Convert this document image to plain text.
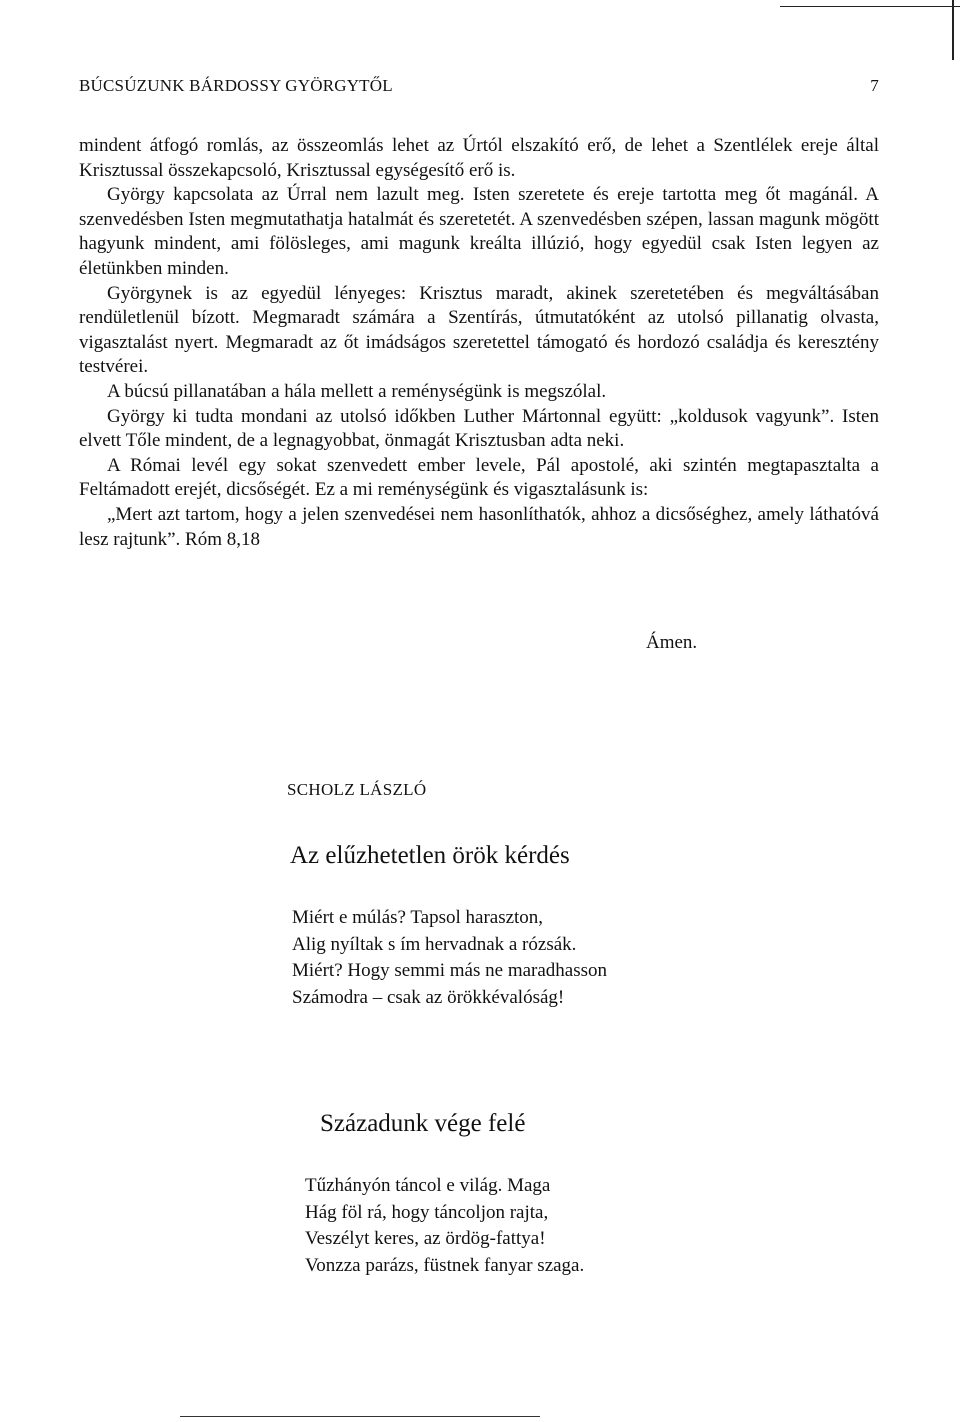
BÚCSÚZUNK BÁRDOSSY GYÖRGYTŐL	7

mindent átfogó romlás, az összeomlás lehet az Úrtól elszakító erő, de lehet a Szentlélek ereje által Krisztussal összekapcsoló, Krisztussal egységesítő erő is.

György kapcsolata az Úrral nem lazult meg. Isten szeretete és ereje tartotta meg őt magánál. A szenvedésben Isten megmutathatja hatalmát és szeretetét. A szenvedésben szépen, lassan magunk mögött hagyunk mindent, ami fölösleges, ami magunk kreálta illúzió, hogy egyedül csak Isten legyen az életünkben minden.

Györgynek is az egyedül lényeges: Krisztus maradt, akinek szeretetében és megváltásában rendületlenül bízott. Megmaradt számára a Szentírás, útmutatóként az utolsó pillanatig olvasta, vigasztalást nyert. Megmaradt az őt imádságos szeretettel támogató és hordozó családja és keresztény testvérei.

A búcsú pillanatában a hála mellett a reménységünk is megszólal.

György ki tudta mondani az utolsó időkben Luther Mártonnal együtt: „koldusok vagyunk”. Isten elvett Tőle mindent, de a legnagyobbat, önmagát Krisztusban adta neki.

A Római levél egy sokat szenvedett ember levele, Pál apostolé, aki szintén megtapasztalta a Feltámadott erejét, dicsőségét. Ez a mi reménységünk és vigasztalásunk is:

„Mert azt tartom, hogy a jelen szenvedései nem hasonlíthatók, ahhoz a dicsőséghez, amely láthatóvá lesz rajtunk”. Róm 8,18

Ámen.
SCHOLZ LÁSZLÓ
Az elűzhetetlen örök kérdés
Miért e múlás? Tapsol haraszton,
Alig nyíltak s ím hervadnak a rózsák.
Miért? Hogy semmi más ne maradhasson
Számodra – csak az örökkévalóság!
Századunk vége felé
Tűzhányón táncol e világ. Maga
Hág föl rá, hogy táncoljon rajta,
Veszélyt keres, az ördög-fattya!
Vonzza parázs, füstnek fanyar szaga.
